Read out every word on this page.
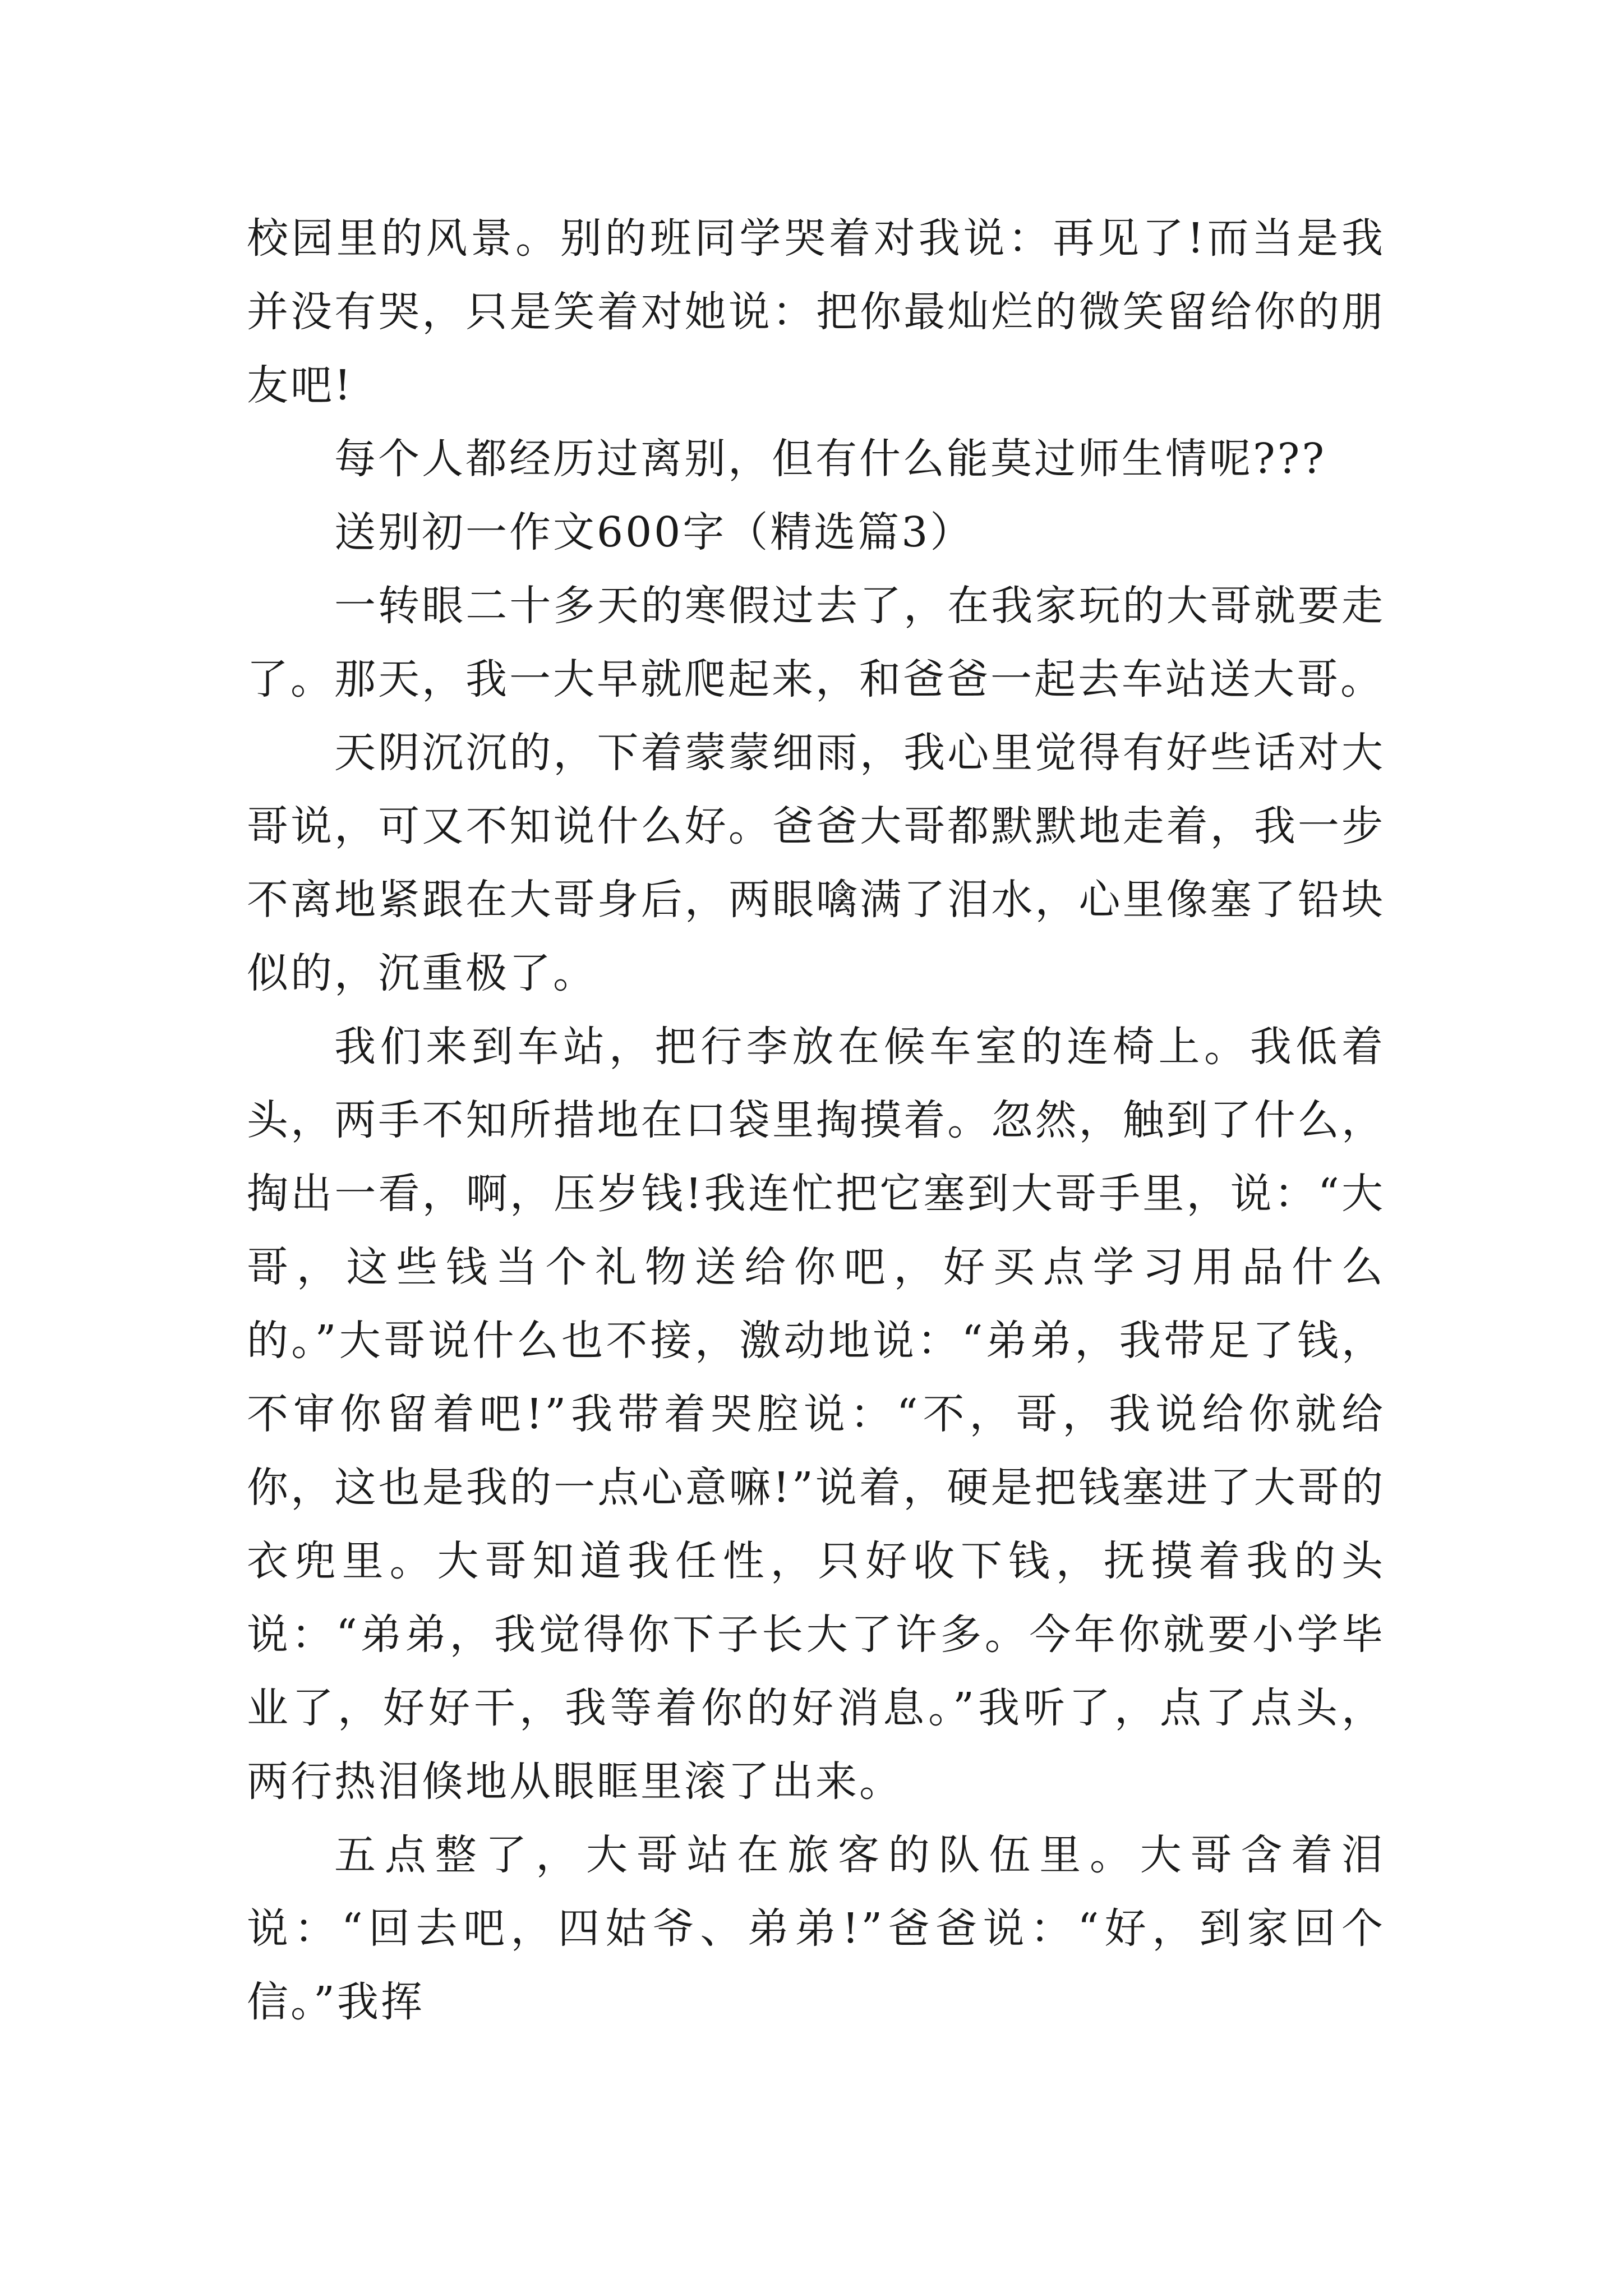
校园里的风景。别的班同学哭着对我说：再见了!而当是我并没有哭，只是笑着对她说：把你最灿烂的微笑留给你的朋友吧!

每个人都经历过离别，但有什么能莫过师生情呢???

送别初一作文600字（精选篇3）

一转眼二十多天的寒假过去了，在我家玩的大哥就要走了。那天，我一大早就爬起来，和爸爸一起去车站送大哥。

天阴沉沉的，下着蒙蒙细雨，我心里觉得有好些话对大哥说，可又不知说什么好。爸爸大哥都默默地走着，我一步不离地紧跟在大哥身后，两眼噙满了泪水，心里像塞了铅块似的，沉重极了。

我们来到车站，把行李放在候车室的连椅上。我低着头，两手不知所措地在口袋里掏摸着。忽然，触到了什么，掏出一看，啊，压岁钱!我连忙把它塞到大哥手里，说：“大哥，这些钱当个礼物送给你吧，好买点学习用品什么的。”大哥说什么也不接，激动地说：“弟弟，我带足了钱，不审你留着吧!”我带着哭腔说：“不，哥，我说给你就给你，这也是我的一点心意嘛!”说着，硬是把钱塞进了大哥的衣兜里。大哥知道我任性，只好收下钱，抚摸着我的头说：“弟弟，我觉得你下子长大了许多。今年你就要小学毕业了，好好干，我等着你的好消息。”我听了，点了点头，两行热泪倏地从眼眶里滚了出来。

五点整了，大哥站在旅客的队伍里。大哥含着泪说：“回去吧，四姑爷、弟弟!”爸爸说：“好，到家回个信。”我挥
